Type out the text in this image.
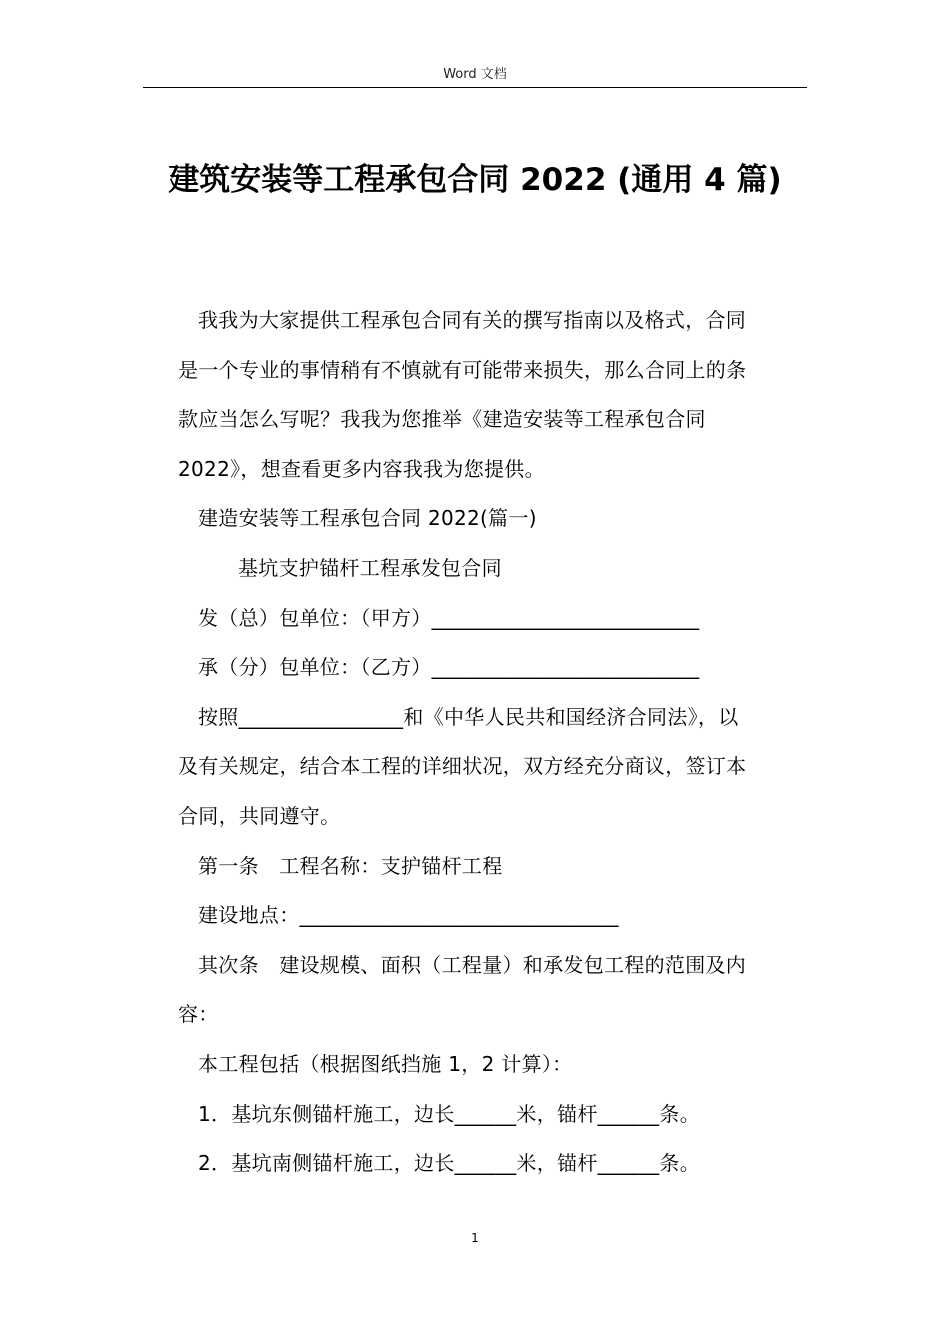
Word 文档
建筑安装等工程承包合同 2022 (通用 4 篇)

我我为大家提供工程承包合同有关的撰写指南以及格式，合同

是一个专业的事情稍有不慎就有可能带来损失，那么合同上的条

款应当怎么写呢？我我为您推举《建造安装等工程承包合同

2022》，想查看更多内容我我为您提供。

建造安装等工程承包合同 2022(篇一)

基坑支护锚杆工程承发包合同

发（总）包单位：（甲方）__________________________

承（分）包单位：（乙方）__________________________

按照________________和《中华人民共和国经济合同法》，以

及有关规定，结合本工程的详细状况，双方经充分商议，签订本

合同，共同遵守。

第一条　工程名称：支护锚杆工程

建设地点：_______________________________

其次条　建设规模、面积（工程量）和承发包工程的范围及内

容：

本工程包括（根据图纸挡施 1，2 计算）：

1．基坑东侧锚杆施工，边长______米，锚杆______条。

2．基坑南侧锚杆施工，边长______米，锚杆______条。

1
